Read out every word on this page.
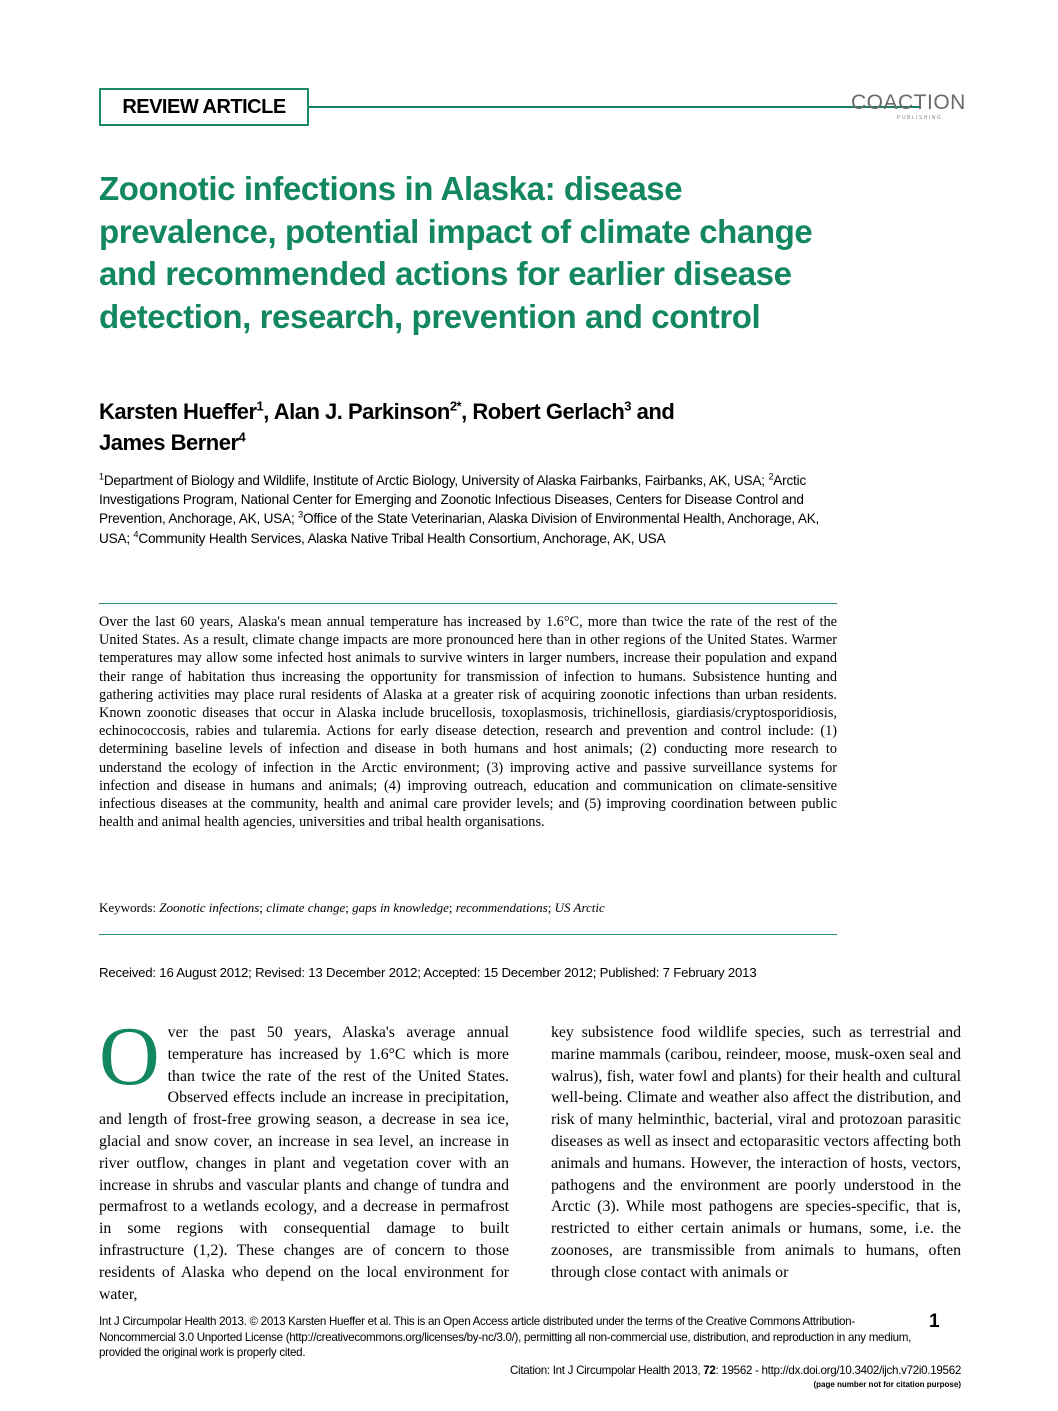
REVIEW ARTICLE	COACTION
PUBLISHING
Zoonotic infections in Alaska: disease prevalence, potential impact of climate change and recommended actions for earlier disease detection, research, prevention and control
Karsten Hueffer$^1$, Alan J. Parkinson$^{2*}$, Robert Gerlach$^3$ and
James Berner$^4$
$^1$Department of Biology and Wildlife, Institute of Arctic Biology, University of Alaska Fairbanks, Fairbanks, AK, USA; $^2$Arctic Investigations Program, National Center for Emerging and Zoonotic Infectious Diseases, Centers for Disease Control and Prevention, Anchorage, AK, USA; $^3$Office of the State Veterinarian, Alaska Division of Environmental Health, Anchorage, AK, USA; $^4$Community Health Services, Alaska Native Tribal Health Consortium, Anchorage, AK, USA

Over the last 60 years, Alaska's mean annual temperature has increased by 1.6°C, more than twice the rate of the rest of the United States. As a result, climate change impacts are more pronounced here than in other regions of the United States. Warmer temperatures may allow some infected host animals to survive winters in larger numbers, increase their population and expand their range of habitation thus increasing the opportunity for transmission of infection to humans. Subsistence hunting and gathering activities may place rural residents of Alaska at a greater risk of acquiring zoonotic infections than urban residents. Known zoonotic diseases that occur in Alaska include brucellosis, toxoplasmosis, trichinellosis, giardiasis/cryptosporidiosis, echinococcosis, rabies and tularemia. Actions for early disease detection, research and prevention and control include: (1) determining baseline levels of infection and disease in both humans and host animals; (2) conducting more research to understand the ecology of infection in the Arctic environment; (3) improving active and passive surveillance systems for infection and disease in humans and animals; (4) improving outreach, education and communication on climate-sensitive infectious diseases at the community, health and animal care provider levels; and (5) improving coordination between public health and animal health agencies, universities and tribal health organisations.

Keywords: Zoonotic infections; climate change; gaps in knowledge; recommendations; US Arctic
Received: 16 August 2012; Revised: 13 December 2012; Accepted: 15 December 2012; Published: 7 February 2013
Over the past 50 years, Alaska's average annual temperature has increased by 1.6°C which is more than twice the rate of the rest of the United States. Observed effects include an increase in precipitation, and length of frost-free growing season, a decrease in sea ice, glacial and snow cover, an increase in sea level, an increase in river outflow, changes in plant and vegetation cover with an increase in shrubs and vascular plants and change of tundra and permafrost to a wetlands ecology, and a decrease in permafrost in some regions with consequential damage to built infrastructure (1,2). These changes are of concern to those residents of Alaska who depend on the local environment for water,
key subsistence food wildlife species, such as terrestrial and marine mammals (caribou, reindeer, moose, musk-oxen seal and walrus), fish, water fowl and plants) for their health and cultural well-being. Climate and weather also affect the distribution, and risk of many helminthic, bacterial, viral and protozoan parasitic diseases as well as insect and ectoparasitic vectors affecting both animals and humans. However, the interaction of hosts, vectors, pathogens and the environment are poorly understood in the Arctic (3). While most pathogens are species-specific, that is, restricted to either certain animals or humans, some, i.e. the zoonoses, are transmissible from animals to humans, often through close contact with animals or
Int J Circumpolar Health 2013. © 2013 Karsten Hueffer et al. This is an Open Access article distributed under the terms of the Creative Commons Attribution-Noncommercial 3.0 Unported License (http://creativecommons.org/licenses/by-nc/3.0/), permitting all non-commercial use, distribution, and reproduction in any medium, provided the original work is properly cited.
1
Citation: Int J Circumpolar Health 2013, 72: 19562 - http://dx.doi.org/10.3402/ijch.v72i0.19562
(page number not for citation purpose)
